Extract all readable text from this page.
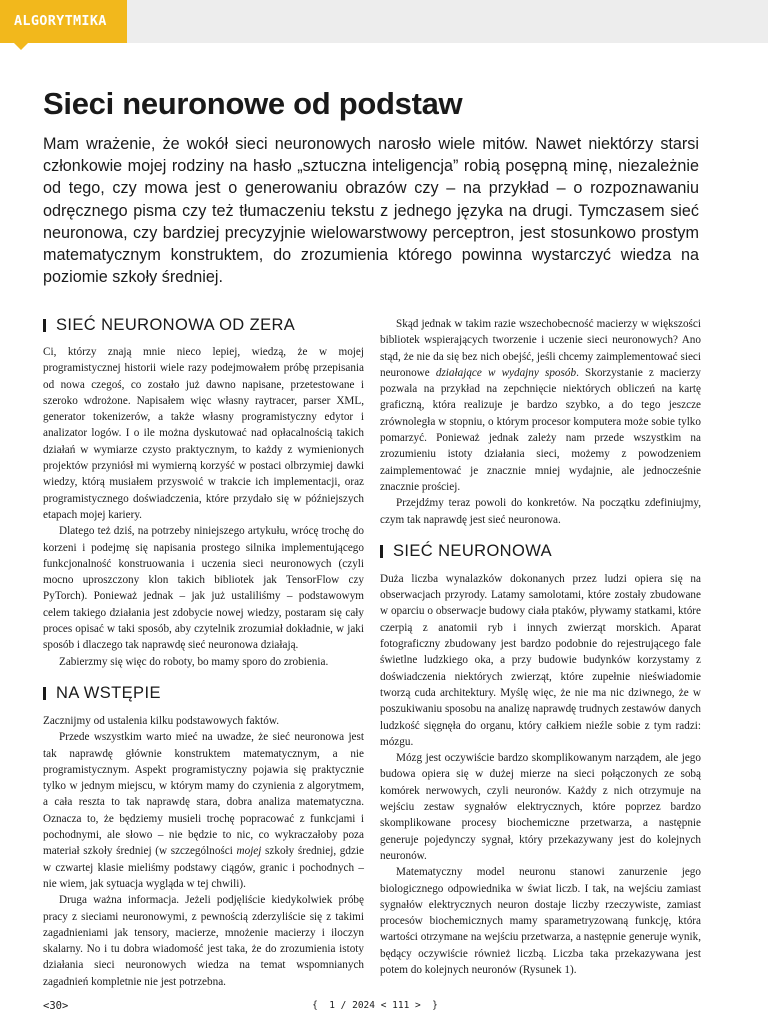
ALGORYTMIKA
Sieci neuronowe od podstaw

Mam wrażenie, że wokół sieci neuronowych narosło wiele mitów. Nawet niektórzy starsi członkowie mojej rodziny na hasło „sztuczna inteligencja” robią posępną minę, niezależnie od tego, czy mowa jest o generowaniu obrazów czy – na przykład – o rozpoznawaniu odręcznego pisma czy też tłumaczeniu tekstu z jednego języka na drugi. Tymczasem sieć neuronowa, czy bardziej precyzyjnie wielowarstwowy perceptron, jest stosunkowo prostym matematycznym konstruktem, do zrozumienia którego powinna wystarczyć wiedza na poziomie szkoły średniej.

SIEĆ NEURONOWA OD ZERA

Ci, którzy znają mnie nieco lepiej, wiedzą, że w mojej programistycznej historii wiele razy podejmowałem próbę przepisania od nowa czegoś, co zostało już dawno napisane, przetestowane i szeroko wdrożone. Napisałem więc własny raytracer, parser XML, generator tokenizerów, a także własny programistyczny edytor i analizator logów. I o ile można dyskutować nad opłacalnością takich działań w wymiarze czysto praktycznym, to każdy z wymienionych projektów przyniósł mi wymierną korzyść w postaci olbrzymiej dawki wiedzy, którą musiałem przyswoić w trakcie ich implementacji, oraz programistycznego doświadczenia, które przydało się w późniejszych etapach mojej kariery.

Dlatego też dziś, na potrzeby niniejszego artykułu, wrócę trochę do korzeni i podejmę się napisania prostego silnika implementującego funkcjonalność konstruowania i uczenia sieci neuronowych (czyli mocno uproszczony klon takich bibliotek jak TensorFlow czy PyTorch). Ponieważ jednak – jak już ustaliliśmy – podstawowym celem takiego działania jest zdobycie nowej wiedzy, postaram się cały proces opisać w taki sposób, aby czytelnik zrozumiał dokładnie, w jaki sposób i dlaczego tak naprawdę sieć neuronowa działają.

Zabierzmy się więc do roboty, bo mamy sporo do zrobienia.

NA WSTĘPIE

Zacznijmy od ustalenia kilku podstawowych faktów.

Przede wszystkim warto mieć na uwadze, że sieć neuronowa jest tak naprawdę głównie konstruktem matematycznym, a nie programistycznym. Aspekt programistyczny pojawia się praktycznie tylko w jednym miejscu, w którym mamy do czynienia z algorytmem, a cała reszta to tak naprawdę stara, dobra analiza matematyczna. Oznacza to, że będziemy musieli trochę popracować z funkcjami i pochodnymi, ale słowo – nie będzie to nic, co wykraczałoby poza materiał szkoły średniej (w szczególności mojej szkoły średniej, gdzie w czwartej klasie mieliśmy podstawy ciągów, granic i pochodnych – nie wiem, jak sytuacja wygląda w tej chwili).

Druga ważna informacja. Jeżeli podjęliście kiedykolwiek próbę pracy z sieciami neuronowymi, z pewnością zderzyliście się z takimi zagadnieniami jak tensory, macierze, mnożenie macierzy i iloczyn skalarny. No i tu dobra wiadomość jest taka, że do zrozumienia istoty działania sieci neuronowych wiedza na temat wspomnianych zagadnień kompletnie nie jest potrzebna.

Skąd jednak w takim razie wszechobecność macierzy w większości bibliotek wspierających tworzenie i uczenie sieci neuronowych? Ano stąd, że nie da się bez nich obejść, jeśli chcemy zaimplementować sieci neuronowe działające w wydajny sposób. Skorzystanie z macierzy pozwala na przykład na zepchnięcie niektórych obliczeń na kartę graficzną, która realizuje je bardzo szybko, a do tego jeszcze zrównoległa w stopniu, o którym procesor komputera może sobie tylko pomarzyć. Ponieważ jednak zależy nam przede wszystkim na zrozumieniu istoty działania sieci, możemy z powodzeniem zaimplementować je znacznie mniej wydajnie, ale jednocześnie znacznie prościej.

Przejdźmy teraz powoli do konkretów. Na początku zdefiniujmy, czym tak naprawdę jest sieć neuronowa.

SIEĆ NEURONOWA

Duża liczba wynalazków dokonanych przez ludzi opiera się na obserwacjach przyrody. Latamy samolotami, które zostały zbudowane w oparciu o obserwacje budowy ciała ptaków, pływamy statkami, które czerpią z anatomii ryb i innych zwierząt morskich. Aparat fotograficzny zbudowany jest bardzo podobnie do rejestrującego fale świetlne ludzkiego oka, a przy budowie budynków korzystamy z doświadczenia niektórych zwierząt, które zupełnie nieświadomie tworzą cuda architektury. Myślę więc, że nie ma nic dziwnego, że w poszukiwaniu sposobu na analizę naprawdę trudnych zestawów danych ludzkość sięgnęła do organu, który całkiem nieźle sobie z tym radzi: mózgu.

Mózg jest oczywiście bardzo skomplikowanym narządem, ale jego budowa opiera się w dużej mierze na sieci połączonych ze sobą komórek nerwowych, czyli neuronów. Każdy z nich otrzymuje na wejściu zestaw sygnałów elektrycznych, które poprzez bardzo skomplikowane procesy biochemiczne przetwarza, a następnie generuje pojedynczy sygnał, który przekazywany jest do kolejnych neuronów.

Matematyczny model neuronu stanowi zanurzenie jego biologicznego odpowiednika w świat liczb. I tak, na wejściu zamiast sygnałów elektrycznych neuron dostaje liczby rzeczywiste, zamiast procesów biochemicznych mamy sparametryzowaną funkcję, która wartości otrzymane na wejściu przetwarza, a następnie generuje wynik, będący oczywiście również liczbą. Liczba taka przekazywana jest potem do kolejnych neuronów (Rysunek 1).

<30>	{  1 / 2024 < 111 >  }
